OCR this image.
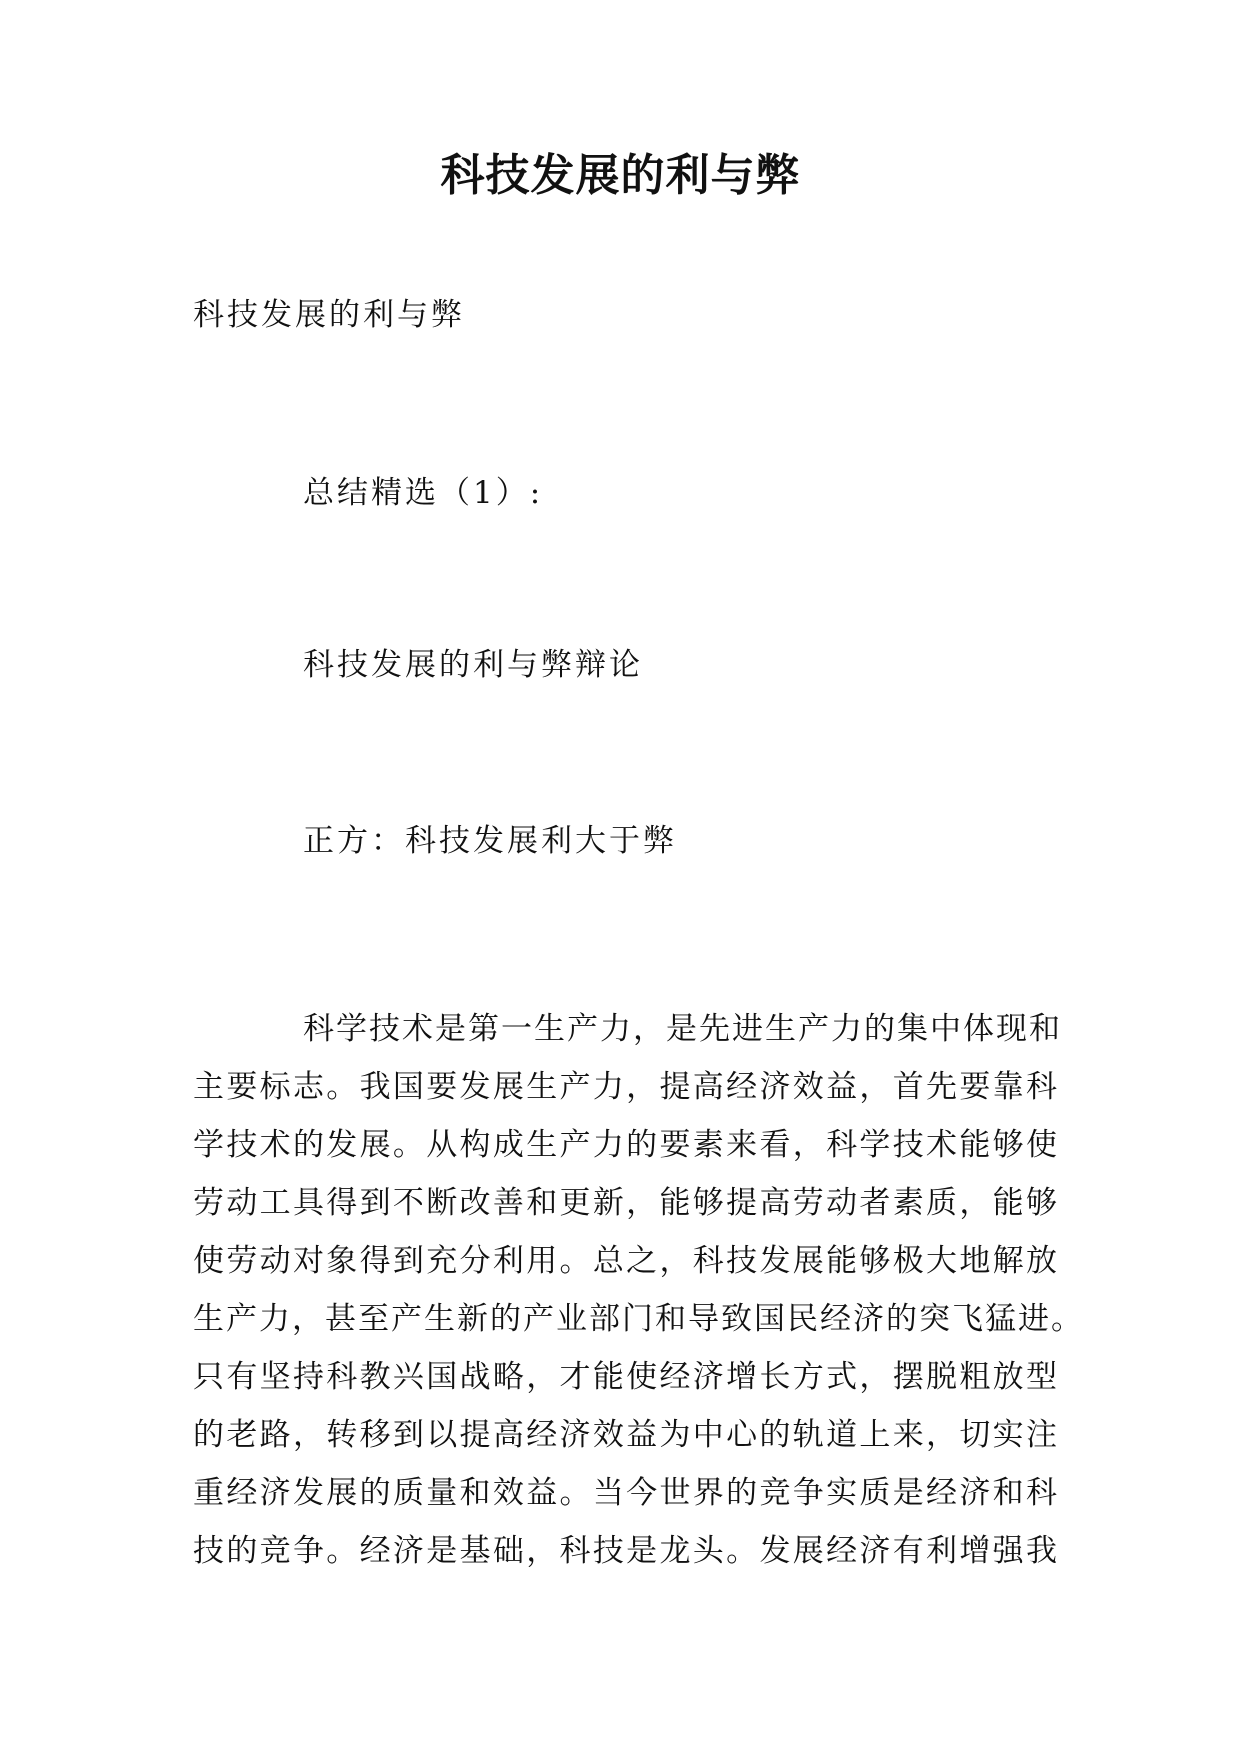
科技发展的利与弊
科技发展的利与弊
总结精选（1）:
科技发展的利与弊辩论
正方：科技发展利大于弊
科学技术是第一生产力，是先进生产力的集中体现和
主要标志。我国要发展生产力，提高经济效益，首先要靠科
学技术的发展。从构成生产力的要素来看，科学技术能够使
劳动工具得到不断改善和更新，能够提高劳动者素质，能够
使劳动对象得到充分利用。总之，科技发展能够极大地解放
生产力，甚至产生新的产业部门和导致国民经济的突飞猛进。
只有坚持科教兴国战略，才能使经济增长方式，摆脱粗放型
的老路，转移到以提高经济效益为中心的轨道上来，切实注
重经济发展的质量和效益。当今世界的竞争实质是经济和科
技的竞争。经济是基础，科技是龙头。发展经济有利增强我
